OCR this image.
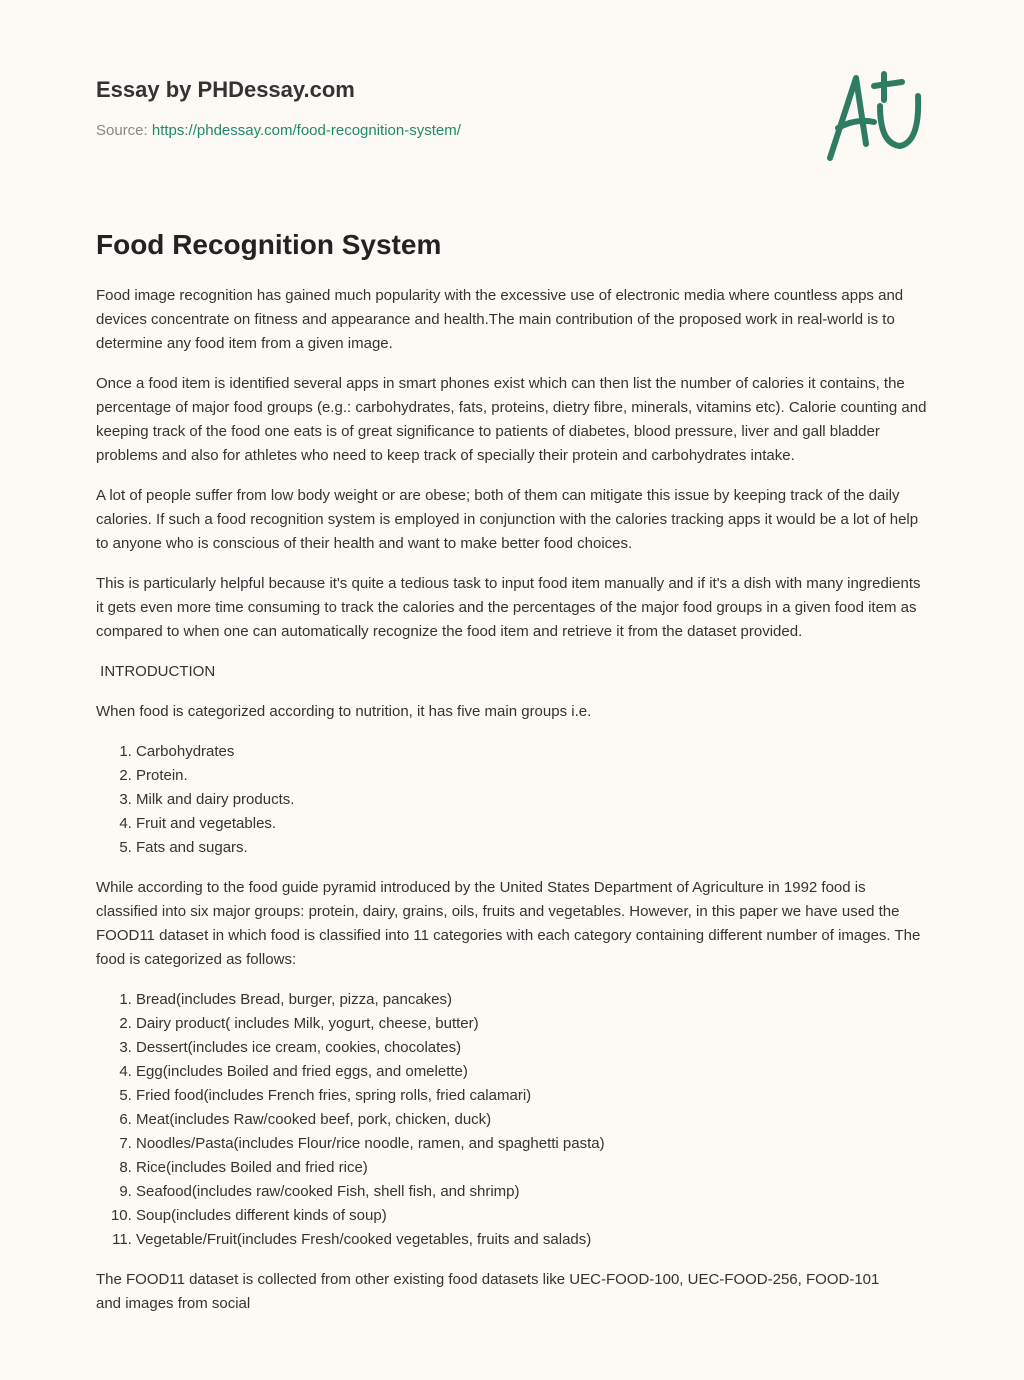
Essay by PHDessay.com
Source: https://phdessay.com/food-recognition-system/
Food Recognition System

Food image recognition has gained much popularity with the excessive use of electronic media where countless apps and devices concentrate on fitness and appearance and health.The main contribution of the proposed work in real-world is to determine any food item from a given image.

Once a food item is identified several apps in smart phones exist which can then list the number of calories it contains, the percentage of major food groups (e.g.: carbohydrates, fats, proteins, dietry fibre, minerals, vitamins etc). Calorie counting and keeping track of the food one eats is of great significance to patients of diabetes, blood pressure, liver and gall bladder problems and also for athletes who need to keep track of specially their protein and carbohydrates intake.

A lot of people suffer from low body weight or are obese; both of them can mitigate this issue by keeping track of the daily calories. If such a food recognition system is employed in conjunction with the calories tracking apps it would be a lot of help to anyone who is conscious of their health and want to make better food choices.

This is particularly helpful because it's quite a tedious task to input food item manually and if it's a dish with many ingredients it gets even more time consuming to track the calories and the percentages of the major food groups in a given food item as compared to when one can automatically recognize the food item and retrieve it from the dataset provided.

INTRODUCTION

When food is categorized according to nutrition, it has five main groups i.e.

1. Carbohydrates
2. Protein.
3. Milk and dairy products.
4. Fruit and vegetables.
5. Fats and sugars.

While according to the food guide pyramid introduced by the United States Department of Agriculture in 1992 food is classified into six major groups: protein, dairy, grains, oils, fruits and vegetables. However, in this paper we have used the FOOD11 dataset in which food is classified into 11 categories with each category containing different number of images. The food is categorized as follows:

1. Bread(includes Bread, burger, pizza, pancakes)
2. Dairy product( includes Milk, yogurt, cheese, butter)
3. Dessert(includes ice cream, cookies, chocolates)
4. Egg(includes Boiled and fried eggs, and omelette)
5. Fried food(includes French fries, spring rolls, fried calamari)
6. Meat(includes Raw/cooked beef, pork, chicken, duck)
7. Noodles/Pasta(includes Flour/rice noodle, ramen, and spaghetti pasta)
8. Rice(includes Boiled and fried rice)
9. Seafood(includes raw/cooked Fish, shell fish, and shrimp)
10. Soup(includes different kinds of soup)
11. Vegetable/Fruit(includes Fresh/cooked vegetables, fruits and salads)

The FOOD11 dataset is collected from other existing food datasets like UEC-FOOD-100, UEC-FOOD-256, FOOD-101 and images from social
